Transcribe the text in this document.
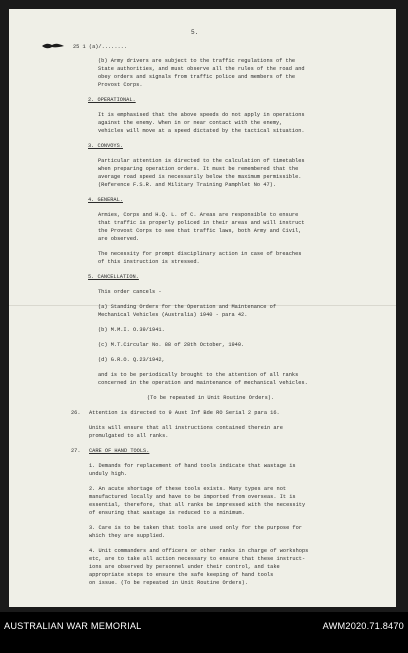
5.
25 1 (a)/........
(b) Army drivers are subject to the traffic regulations of the
State authorities, and must observe all the rules of the road and
obey orders and signals from traffic police and members of the
Provost Corps.
2. OPERATIONAL.
It is emphasised that the above speeds do not apply in operations
against the enemy. When in or near contact with the enemy,
vehicles will move at a speed dictated by the tactical situation.
3. CONVOYS.
Particular attention is directed to the calculation of timetables
when preparing operation orders. It must be remembered that the
average road speed is necessarily below the maximum permissible.
(Reference F.S.R. and Military Training Pamphlet No 47).
4. GENERAL.
Armies, Corps and H.Q. L. of C. Areas are responsible to ensure
that traffic is properly policed in their areas and will instruct
the Provost Corps to see that traffic laws, both Army and Civil,
are observed.
The necessity for prompt disciplinary action in case of breaches
of this instruction is stressed.
5. CANCELLATION.
This order cancels -
(a) Standing Orders for the Operation and Maintenance of
Mechanical Vehicles (Australia) 1940 - para 42.
(b) M.M.I. O.39/1941.
(c) M.T.Circular No. 88 of 28th October, 1940.
(d) G.R.O. Q.23/1942,
and is to be periodically brought to the attention of all ranks
concerned in the operation and maintenance of mechanical vehicles.
(To be repeated in Unit Routine Orders).
26. Attention is directed to 9 Aust Inf Bde RO Serial 2 para 16.
Units will ensure that all instructions contained therein are
promulgated to all ranks.
27. CARE OF HAND TOOLS.
1. Demands for replacement of hand tools indicate that wastage is
unduly high.
2. An acute shortage of these tools exists. Many types are not
manufactured locally and have to be imported from overseas. It is
essential, therefore, that all ranks be impressed with the necessity
of ensuring that wastage is reduced to a minimum.
3. Care is to be taken that tools are used only for the purpose for
which they are supplied.
4. Unit commanders and officers or other ranks in charge of workshops
etc, are to take all action necessary to ensure that these instruct-
ions are observed by personnel under their control, and take
appropriate steps to ensure the safe keeping of hand tools
on issue. (To be repeated in Unit Routine Orders).
AUSTRALIAN WAR MEMORIAL	AWM2020.71.8470
